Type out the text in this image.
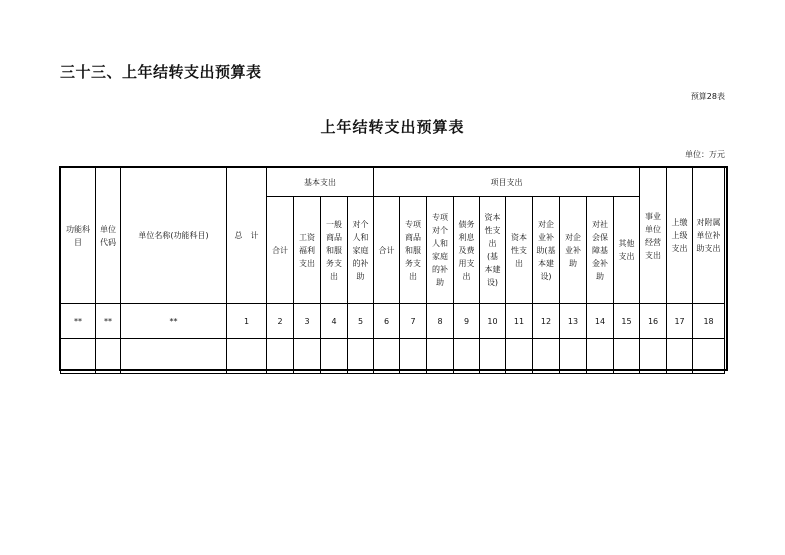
三十三、上年结转支出预算表
预算28表
上年结转支出预算表
单位：万元
功能科目	单位代码	单位名称(功能科目)	总　计	基本支出				项目支出										事业单位经营支出	上缴上级支出	对附属单位补助支出
				合计	工资福利支出	一般商品和服务支出	对个人和家庭的补助	合计	专项商品和服务支出	专项对个人和家庭的补助	债务利息及费用支出	资本性支出(基本建设)	资本性支出	对企业补助(基本建设)	对企业补助	对社会保障基金补助	其他支出			
**	**	**	1	2	3	4	5	6	7	8	9	10	11	12	13	14	15	16	17	18
